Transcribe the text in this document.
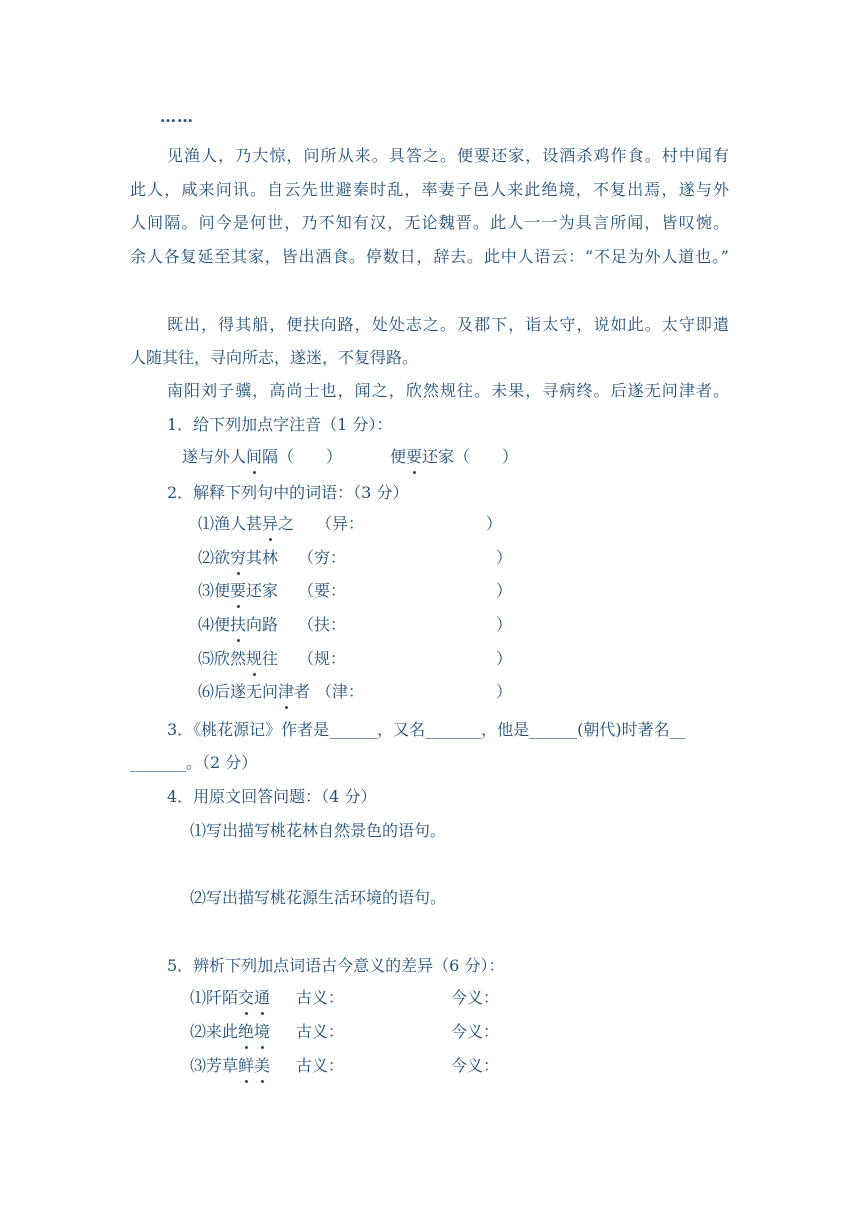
……
见渔人，乃大惊，问所从来。具答之。便要还家，设酒杀鸡作食。村中闻有
此人，咸来问讯。自云先世避秦时乱，率妻子邑人来此绝境，不复出焉，遂与外
人间隔。问今是何世，乃不知有汉，无论魏晋。此人一一为具言所闻，皆叹惋。
余人各复延至其家，皆出酒食。停数日，辞去。此中人语云：“不足为外人道也。”
既出，得其船，便扶向路，处处志之。及郡下，诣太守，说如此。太守即遣
人随其往，寻向所志，遂迷，不复得路。
南阳刘子骥，高尚士也，闻之，欣然规往。未果，寻病终。后遂无问津者。
1．给下列加点字注音（1 分）：
遂与外人间隔（　　）	便要还家（　　）
2．解释下列句中的词语：（3 分）
⑴渔人甚异之 （异：	）
⑵欲穷其林 （穷：	）
⑶便要还家 （要：	）
⑷便扶向路 （扶：	）
⑸欣然规往 （规：	）
⑹后遂无问津者 （津：	）
3．《桃花源记》作者是______，又名_______，他是______(朝代)时著名__
_______。（2 分）
4．用原文回答问题：（4 分）
⑴写出描写桃花林自然景色的语句。
⑵写出描写桃花源生活环境的语句。
5．辨析下列加点词语古今意义的差异（6 分）：
⑴阡陌交通 古义：	今义：
⑵来此绝境 古义：	今义：
⑶芳草鲜美 古义：	今义：
